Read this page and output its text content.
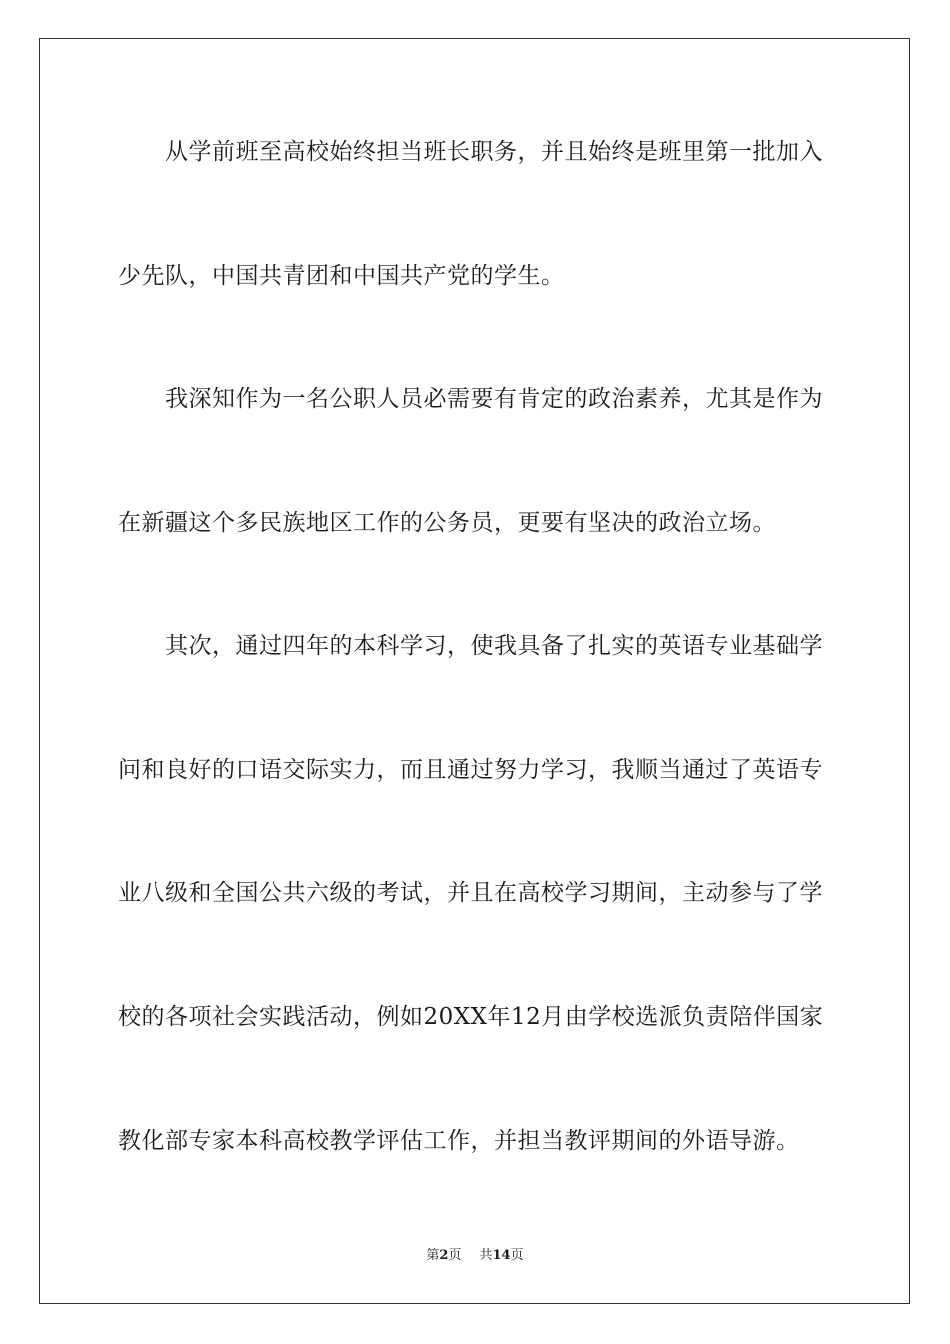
从学前班至高校始终担当班长职务，并且始终是班里第一批加入
少先队，中国共青团和中国共产党的学生。
我深知作为一名公职人员必需要有肯定的政治素养，尤其是作为
在新疆这个多民族地区工作的公务员，更要有坚决的政治立场。
其次，通过四年的本科学习，使我具备了扎实的英语专业基础学
问和良好的口语交际实力，而且通过努力学习，我顺当通过了英语专
业八级和全国公共六级的考试，并且在高校学习期间，主动参与了学
校的各项社会实践活动，例如20XX年12月由学校选派负责陪伴国家
教化部专家本科高校教学评估工作，并担当教评期间的外语导游。
第2页 共14页
